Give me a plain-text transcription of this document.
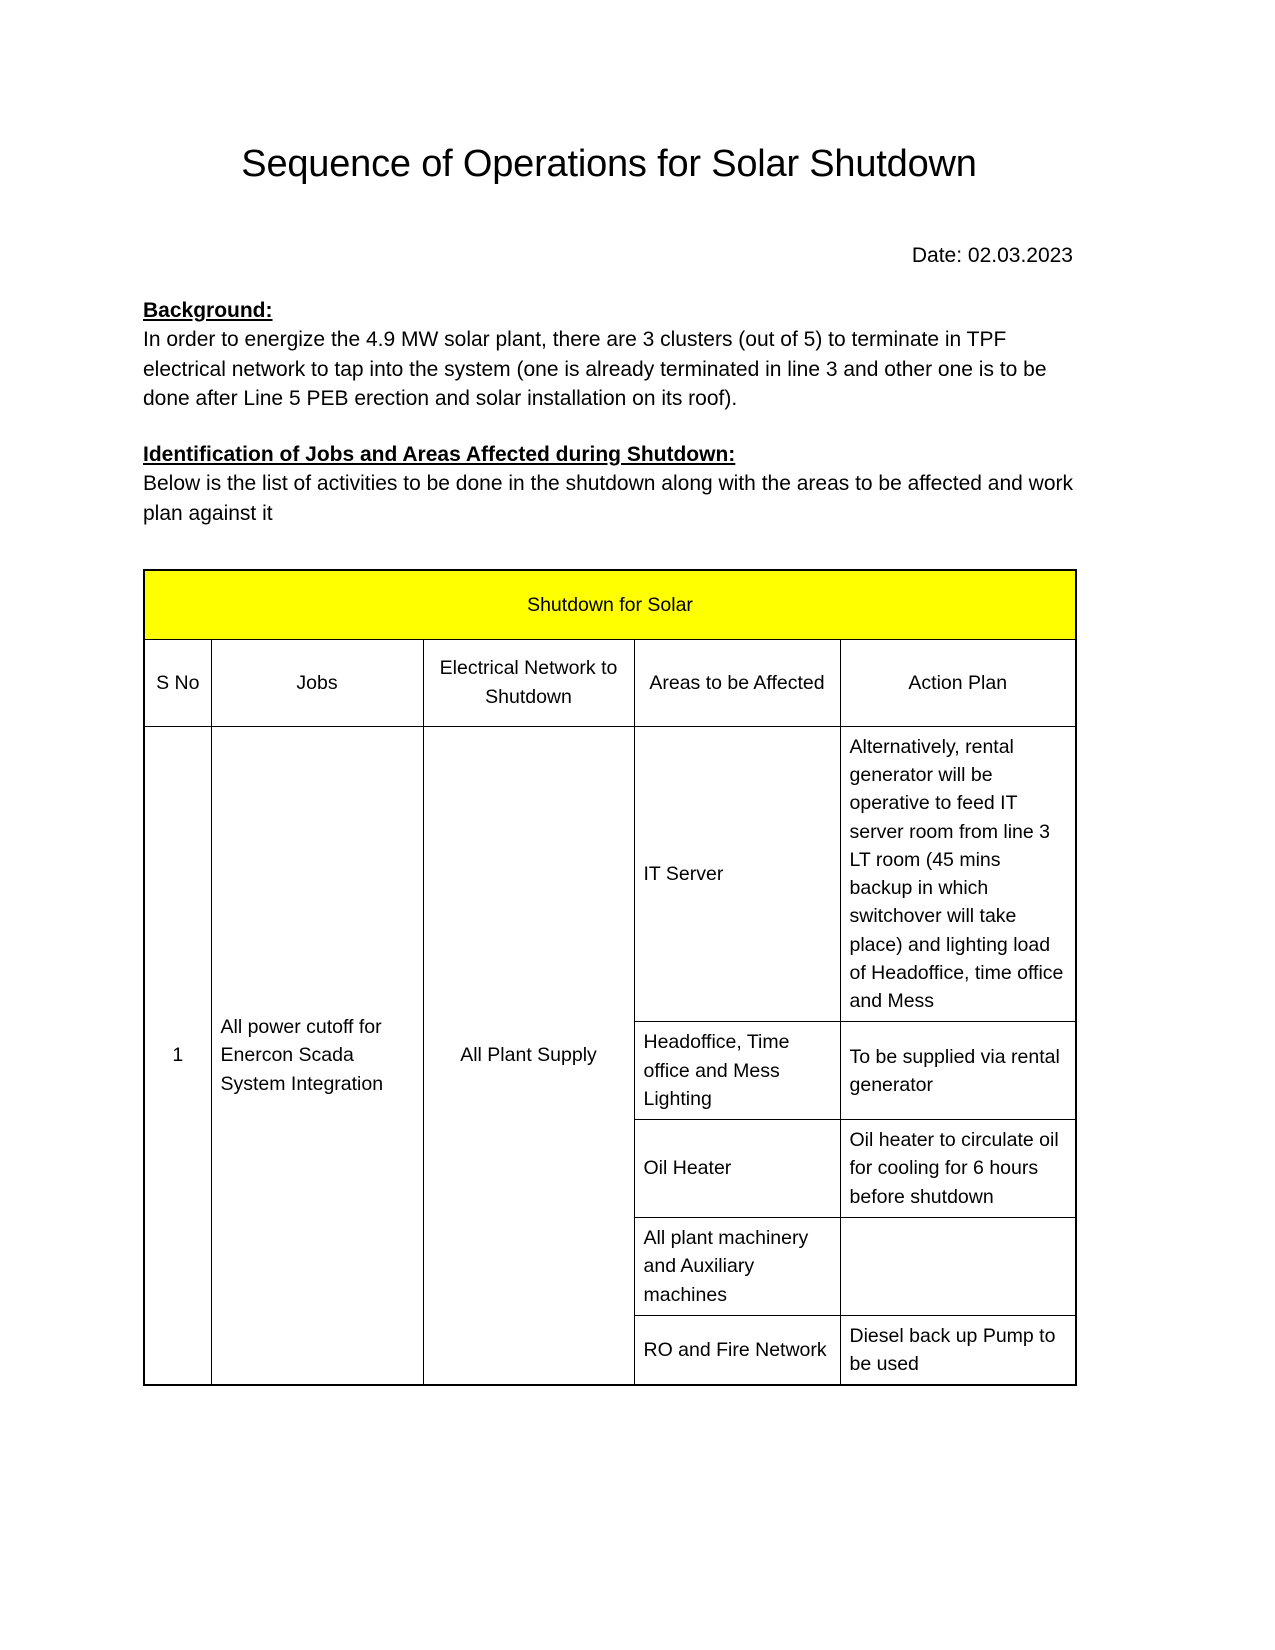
Sequence of Operations for Solar Shutdown
Date: 02.03.2023
Background:

In order to energize the 4.9 MW solar plant, there are 3 clusters (out of 5) to terminate in TPF electrical network to tap into the system (one is already terminated in line 3 and other one is to be done after Line 5 PEB erection and solar installation on its roof).

Identification of Jobs and Areas Affected during Shutdown:

Below is the list of activities to be done in the shutdown along with the areas to be affected and work plan against it

Shutdown for Solar				
S No	Jobs	Electrical Network to Shutdown	Areas to be Affected	Action Plan
1	All power cutoff for Enercon Scada System Integration	All Plant Supply	IT Server	Alternatively, rental generator will be operative to feed IT server room from line 3 LT room (45 mins backup in which switchover will take place) and lighting load of Headoffice, time office and Mess
			Headoffice, Time office and Mess Lighting	To be supplied via rental generator
			Oil Heater	Oil heater to circulate oil for cooling for 6 hours before shutdown
			All plant machinery and Auxiliary machines	
			RO and Fire Network	Diesel back up Pump to be used
